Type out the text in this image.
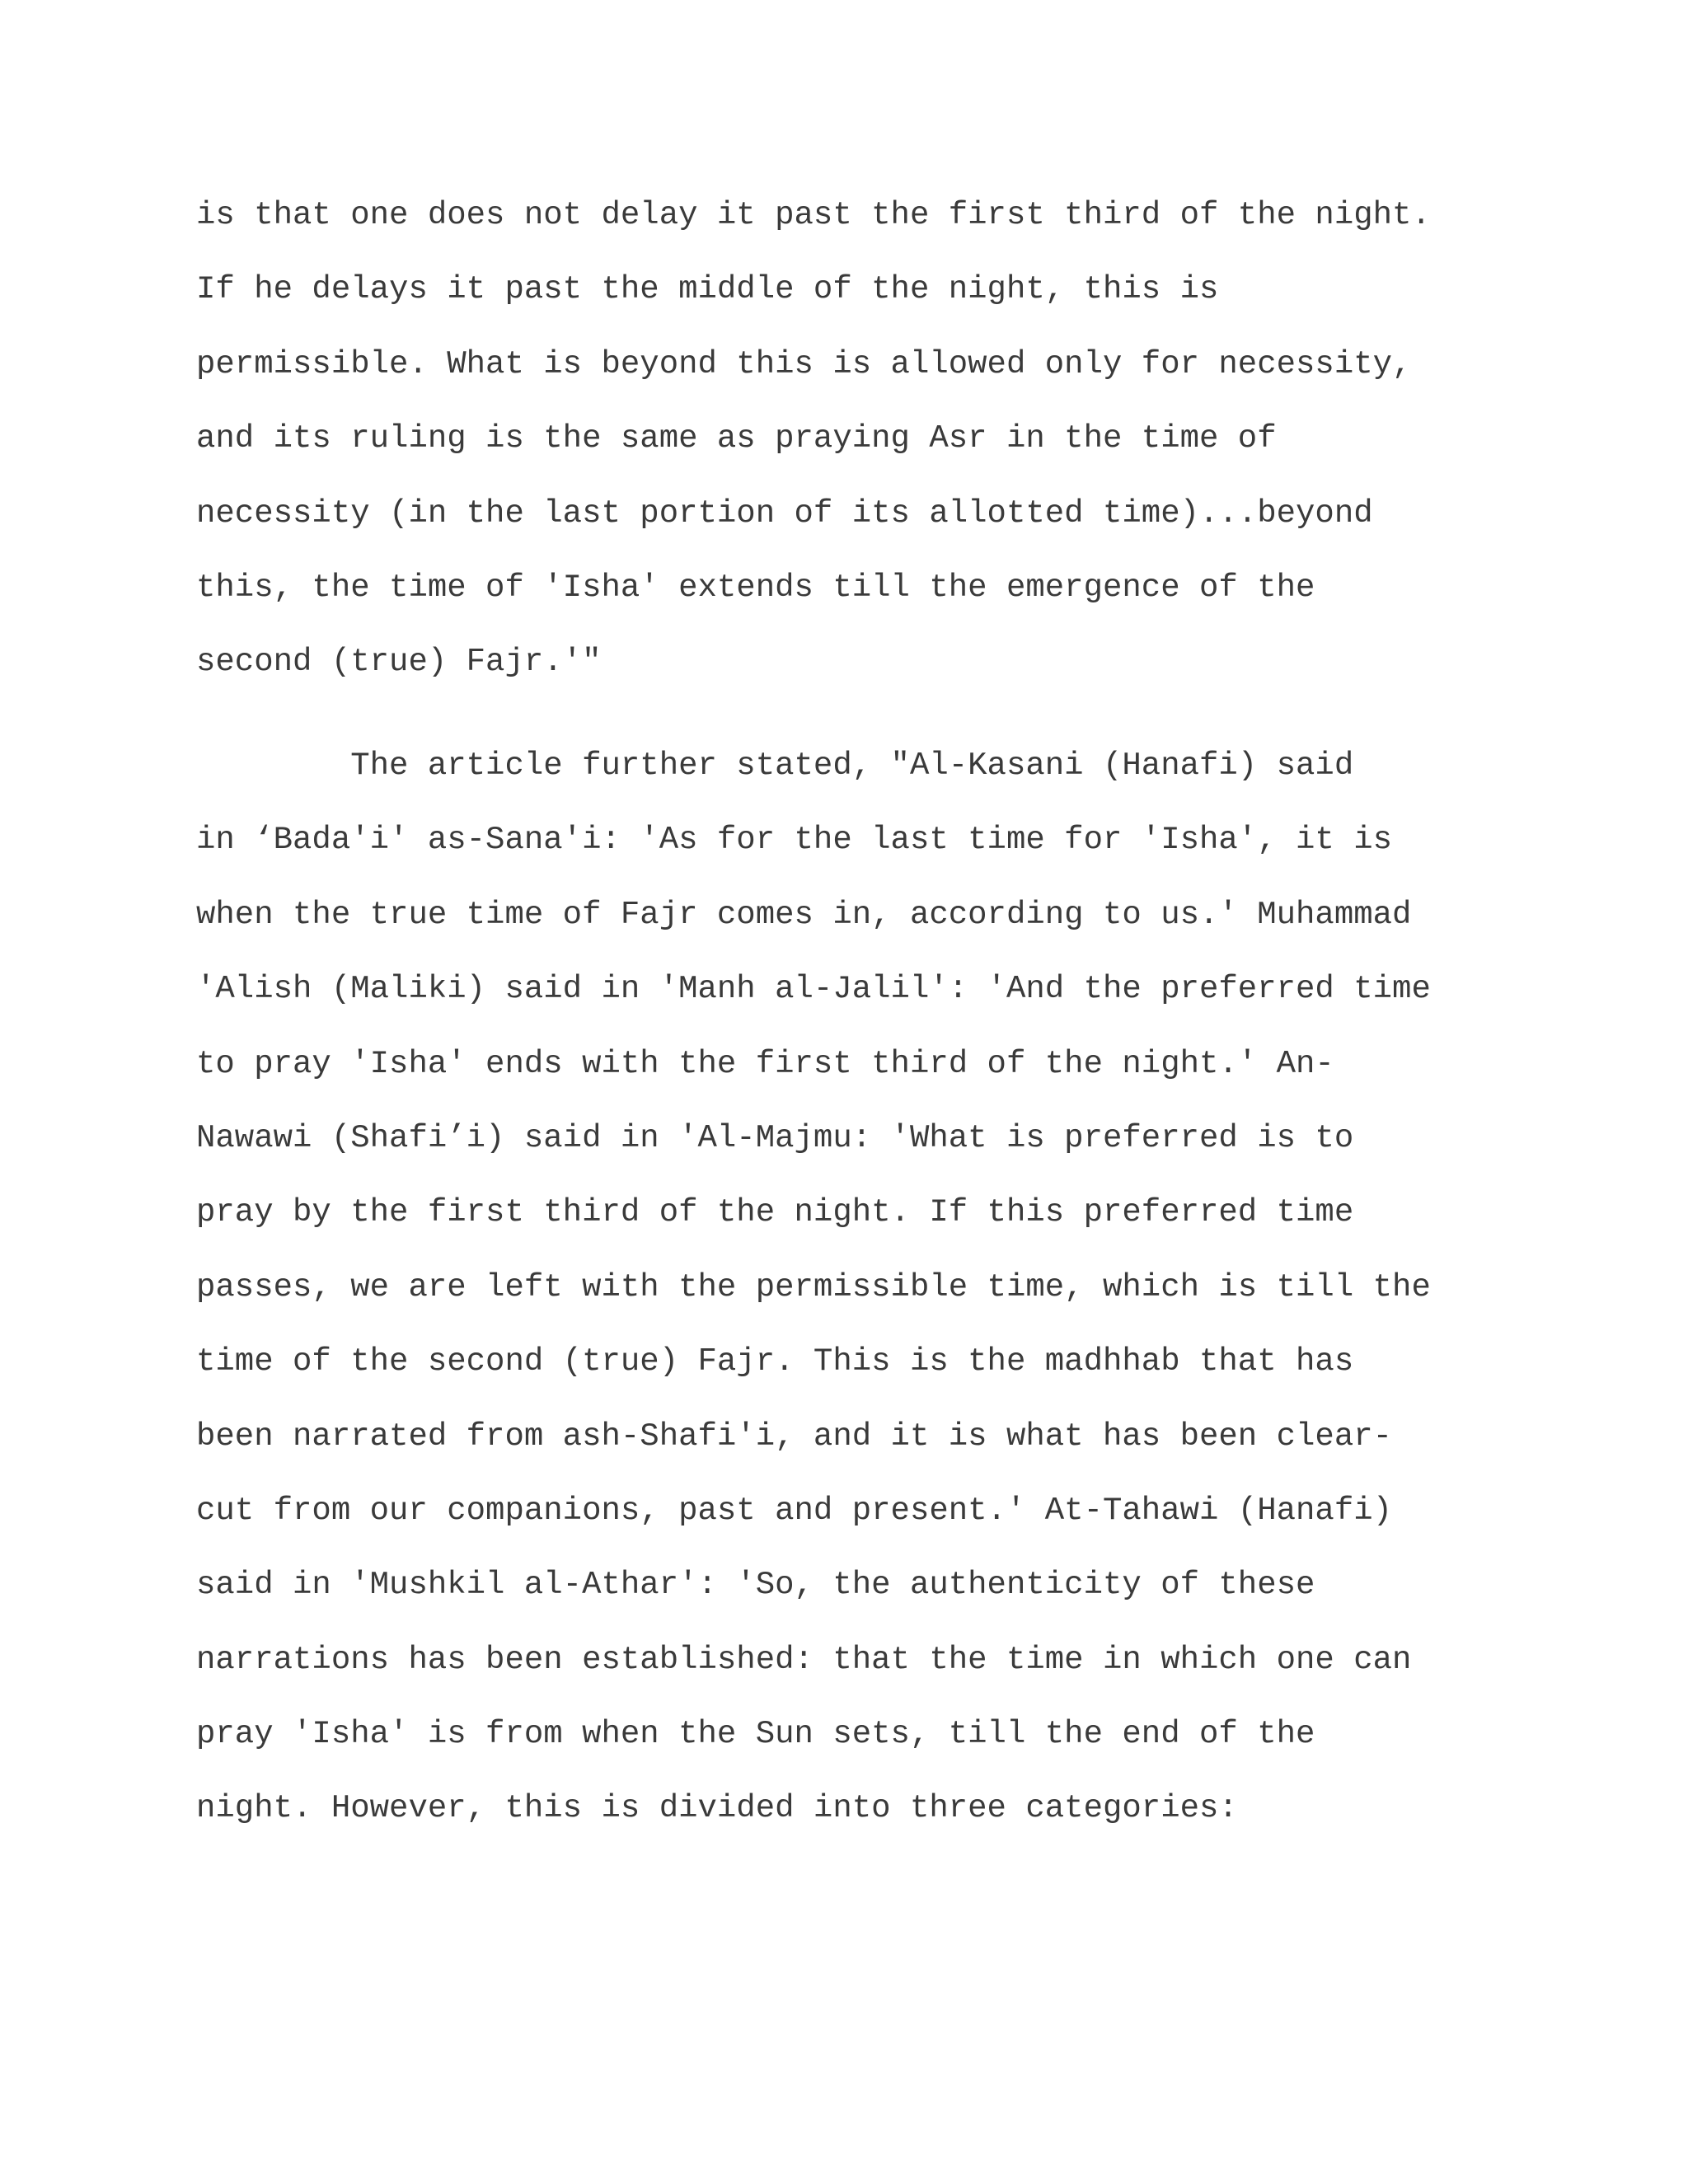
is that one does not delay it past the first third of the night.
If he delays it past the middle of the night, this is
permissible. What is beyond this is allowed only for necessity,
and its ruling is the same as praying Asr in the time of
necessity (in the last portion of its allotted time)...beyond
this, the time of 'Isha' extends till the emergence of the
second (true) Fajr.'"
The article further stated, "Al-Kasani (Hanafi) said
in ‘Bada'i' as-Sana'i: 'As for the last time for 'Isha', it is
when the true time of Fajr comes in, according to us.' Muhammad
'Alish (Maliki) said in 'Manh al-Jalil': 'And the preferred time
to pray 'Isha' ends with the first third of the night.' An-
Nawawi (Shafi’i) said in 'Al-Majmu: 'What is preferred is to
pray by the first third of the night. If this preferred time
passes, we are left with the permissible time, which is till the
time of the second (true) Fajr. This is the madhhab that has
been narrated from ash-Shafi'i, and it is what has been clear-
cut from our companions, past and present.' At-Tahawi (Hanafi)
said in 'Mushkil al-Athar': 'So, the authenticity of these
narrations has been established: that the time in which one can
pray 'Isha' is from when the Sun sets, till the end of the
night. However, this is divided into three categories:
